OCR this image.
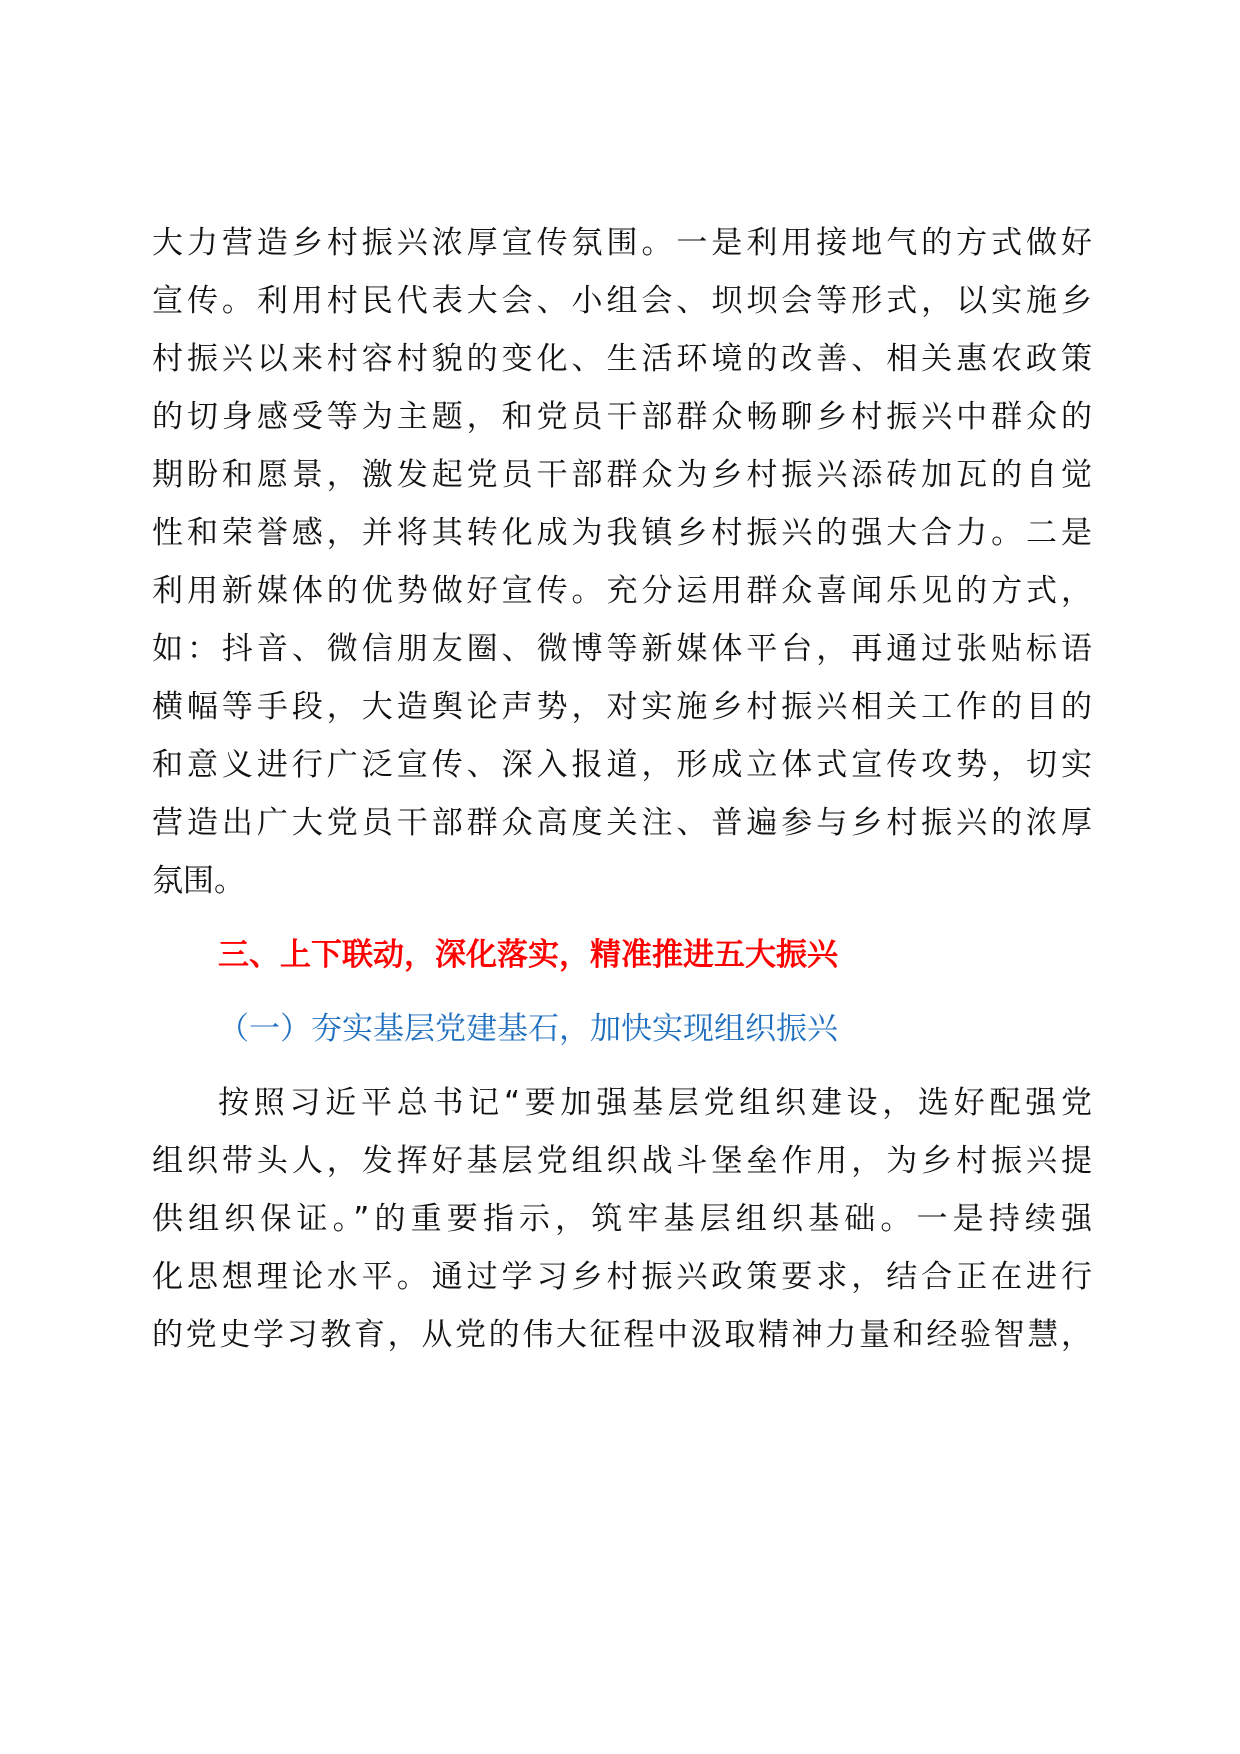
大力营造乡村振兴浓厚宣传氛围。一是利用接地气的方式做好
宣传。利用村民代表大会、小组会、坝坝会等形式，以实施乡
村振兴以来村容村貌的变化、生活环境的改善、相关惠农政策
的切身感受等为主题，和党员干部群众畅聊乡村振兴中群众的
期盼和愿景，激发起党员干部群众为乡村振兴添砖加瓦的自觉
性和荣誉感，并将其转化成为我镇乡村振兴的强大合力。二是
利用新媒体的优势做好宣传。充分运用群众喜闻乐见的方式，
如：抖音、微信朋友圈、微博等新媒体平台，再通过张贴标语
横幅等手段，大造舆论声势，对实施乡村振兴相关工作的目的
和意义进行广泛宣传、深入报道，形成立体式宣传攻势，切实
营造出广大党员干部群众高度关注、普遍参与乡村振兴的浓厚
氛围。
三、上下联动，深化落实，精准推进五大振兴
（一）夯实基层党建基石，加快实现组织振兴
按照习近平总书记“要加强基层党组织建设，选好配强党
组织带头人，发挥好基层党组织战斗堡垒作用，为乡村振兴提
供组织保证。”的重要指示，筑牢基层组织基础。一是持续强
化思想理论水平。通过学习乡村振兴政策要求，结合正在进行
的党史学习教育，从党的伟大征程中汲取精神力量和经验智慧，
